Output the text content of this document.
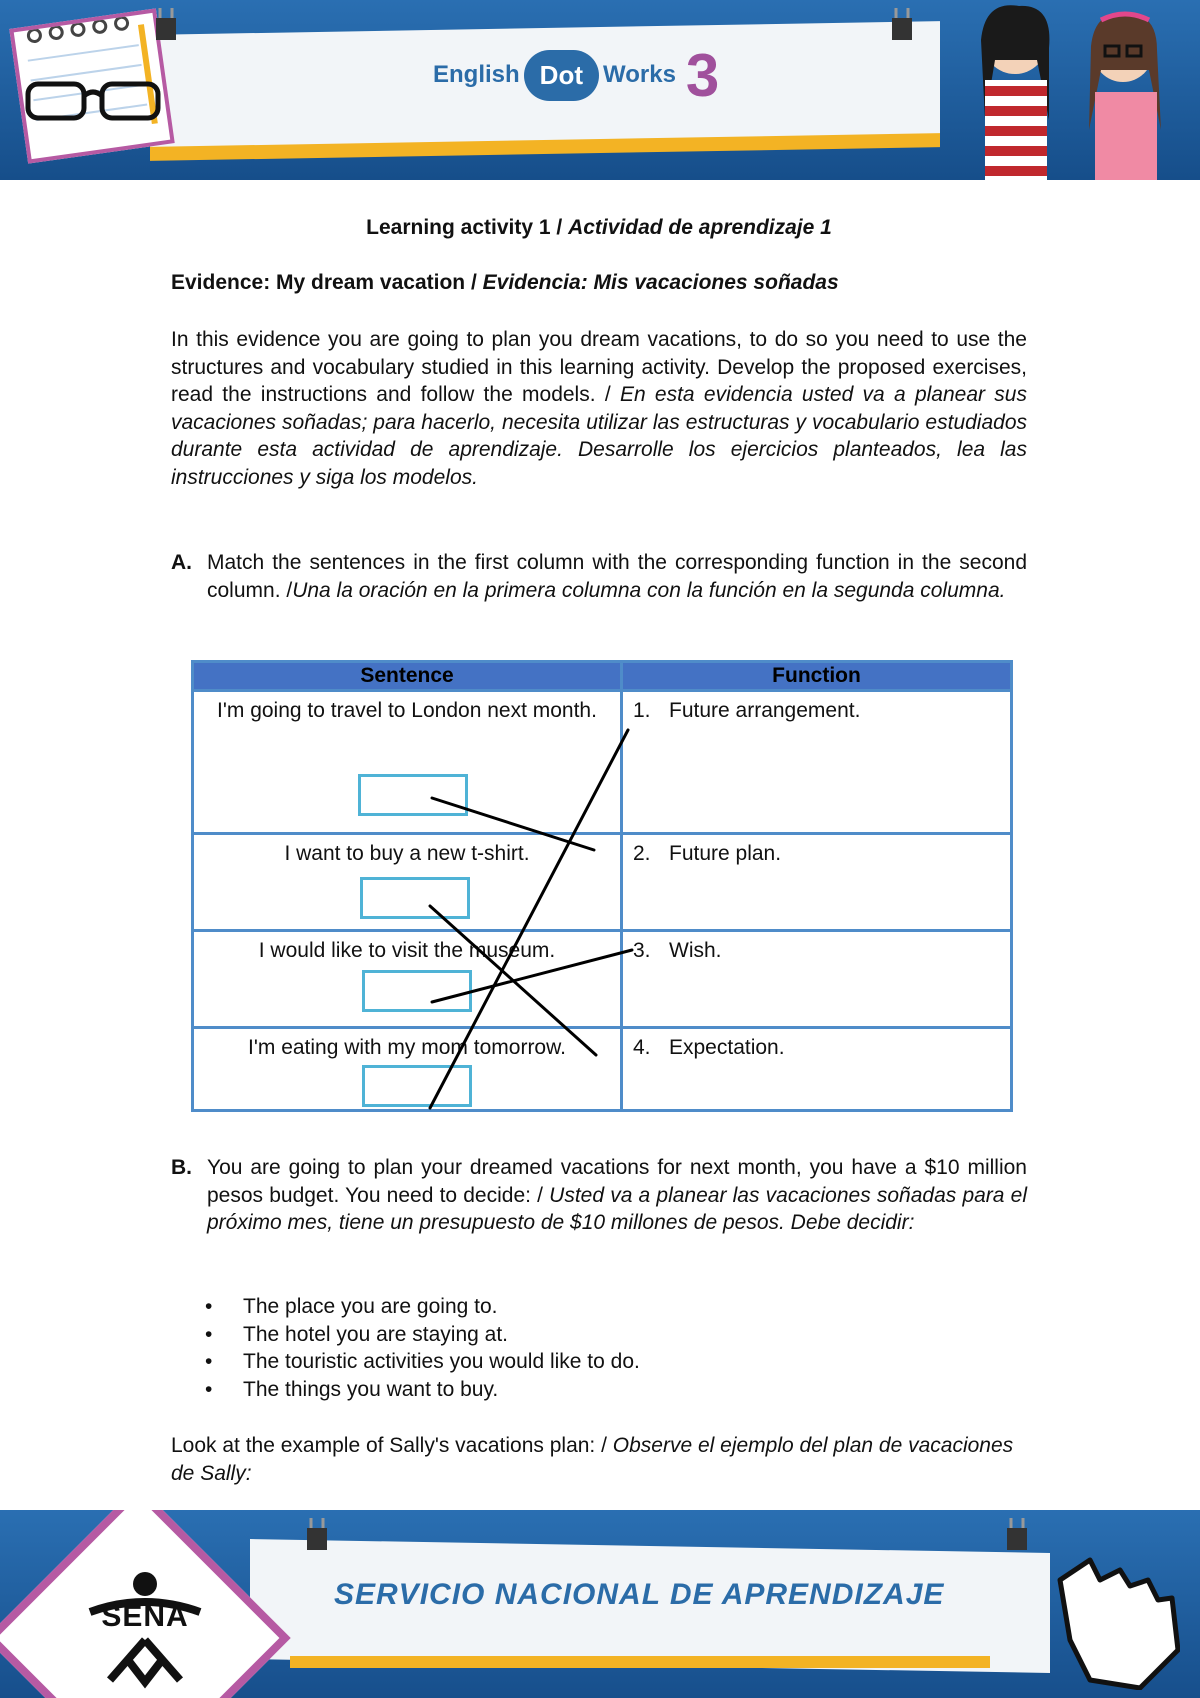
English Dot Works 3
Learning activity 1 / Actividad de aprendizaje 1
Evidence: My dream vacation / Evidencia: Mis vacaciones soñadas
In this evidence you are going to plan you dream vacations, to do so you need to use the structures and vocabulary studied in this learning activity. Develop the proposed exercises, read the instructions and follow the models. / En esta evidencia usted va a planear sus vacaciones soñadas; para hacerlo, necesita utilizar las estructuras y vocabulario estudiados durante esta actividad de aprendizaje. Desarrolle los ejercicios planteados, lea las instrucciones y siga los modelos.
A. Match the sentences in the first column with the corresponding function in the second column. /Una la oración en la primera columna con la función en la segunda columna.
Sentence	Function

I'm going to travel to London next month.	1. Future arrangement.

I want to buy a new t-shirt.	2. Future plan.

I would like to visit the museum.	3. Wish.

I'm eating with my mom tomorrow.	4. Expectation.
B. You are going to plan your dreamed vacations for next month, you have a $10 million pesos budget. You need to decide: / Usted va a planear las vacaciones soñadas para el próximo mes, tiene un presupuesto de $10 millones de pesos. Debe decidir:
• The place you are going to.
• The hotel you are staying at.
• The touristic activities you would like to do.
• The things you want to buy.
Look at the example of Sally's vacations plan: / Observe el ejemplo del plan de vacaciones de Sally:
SENA
SERVICIO NACIONAL DE APRENDIZAJE
